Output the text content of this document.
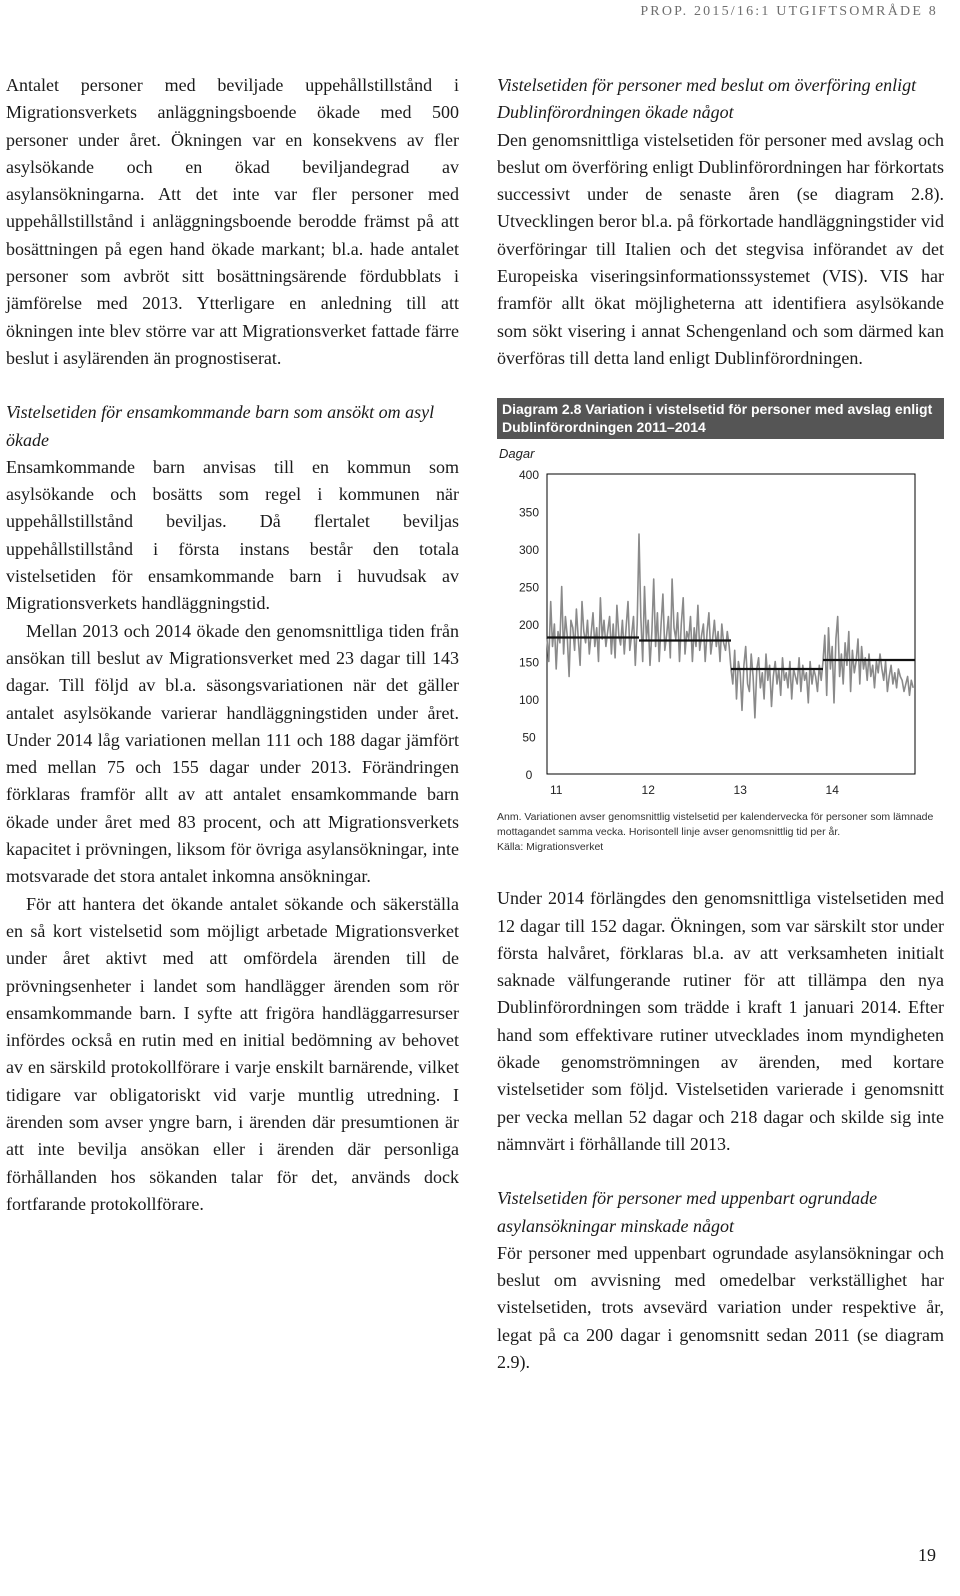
PROP. 2015/16:1 UTGIFTSOMRÅDE 8

Antalet personer med beviljade uppehållstillstånd i Migrationsverkets anläggningsboende ökade med 500 personer under året. Ökningen var en konsekvens av fler asylsökande och en ökad beviljandegrad av asylansökningarna. Att det inte var fler personer med uppehållstillstånd i anläggningsboende berodde främst på att bosättningen på egen hand ökade markant; bl.a. hade antalet personer som avbröt sitt bosättningsärende fördubblats i jämförelse med 2013. Ytterligare en anledning till att ökningen inte blev större var att Migrationsverket fattade färre beslut i asylärenden än prognostiserat.

Vistelsetiden för ensamkommande barn som ansökt om asyl ökade

Ensamkommande barn anvisas till en kommun som asylsökande och bosätts som regel i kommunen när uppehållstillstånd beviljas. Då flertalet beviljas uppehållstillstånd i första instans består den totala vistelsetiden för ensamkommande barn i huvudsak av Migrationsverkets handläggningstid.

Mellan 2013 och 2014 ökade den genomsnittliga tiden från ansökan till beslut av Migrationsverket med 23 dagar till 143 dagar. Till följd av bl.a. säsongsvariationen när det gäller antalet asylsökande varierar handläggningstiden under året. Under 2014 låg variationen mellan 111 och 188 dagar jämfört med mellan 75 och 155 dagar under 2013. Förändringen förklaras framför allt av att antalet ensamkommande barn ökade under året med 83 procent, och att Migrationsverkets kapacitet i prövningen, liksom för övriga asylansökningar, inte motsvarade det stora antalet inkomna ansökningar.

För att hantera det ökande antalet sökande och säkerställa en så kort vistelsetid som möjligt arbetade Migrationsverket under året aktivt med att omfördela ärenden till de prövningsenheter i landet som handlägger ärenden som rör ensamkommande barn. I syfte att frigöra handläggarresurser infördes också en rutin med en initial bedömning av behovet av en särskild protokollförare i varje enskilt barnärende, vilket tidigare var obligatoriskt vid varje muntlig utredning. I ärenden som avser yngre barn, i ärenden där presumtionen är att inte bevilja ansökan eller i ärenden där personliga förhållanden hos sökanden talar för det, används dock fortfarande protokollförare.

Vistelsetiden för personer med beslut om överföring enligt Dublinförordningen ökade något

Den genomsnittliga vistelsetiden för personer med avslag och beslut om överföring enligt Dublinförordningen har förkortats successivt under de senaste åren (se diagram 2.8). Utvecklingen beror bl.a. på förkortade handläggningstider vid överföringar till Italien och det stegvisa införandet av det Europeiska viseringsinformationssystemet (VIS). VIS har framför allt ökat möjligheterna att identifiera asylsökande som sökt visering i annat Schengenland och som därmed kan överföras till detta land enligt Dublinförordningen.

Diagram 2.8 Variation i vistelsetid för personer med avslag enligt Dublinförordningen 2011–2014
Dagar
0
50
100
150
200
250
300
350
400
11	12	13	14
Anm. Variationen avser genomsnittlig vistelsetid per kalendervecka för personer som lämnade mottagandet samma vecka. Horisontell linje avser genomsnittlig tid per år.
Källa: Migrationsverket

Under 2014 förlängdes den genomsnittliga vistelsetiden med 12 dagar till 152 dagar. Ökningen, som var särskilt stor under första halvåret, förklaras bl.a. av att verksamheten initialt saknade välfungerande rutiner för att tillämpa den nya Dublinförordningen som trädde i kraft 1 januari 2014. Efter hand som effektivare rutiner utvecklades inom myndigheten ökade genomströmningen av ärenden, med kortare vistelsetider som följd. Vistelsetiden varierade i genomsnitt per vecka mellan 52 dagar och 218 dagar och skilde sig inte nämnvärt i förhållande till 2013.

Vistelsetiden för personer med uppenbart ogrundade asylansökningar minskade något

För personer med uppenbart ogrundade asylansökningar och beslut om avvisning med omedelbar verkställighet har vistelsetiden, trots avsevärd variation under respektive år, legat på ca 200 dagar i genomsnitt sedan 2011 (se diagram 2.9).

19
